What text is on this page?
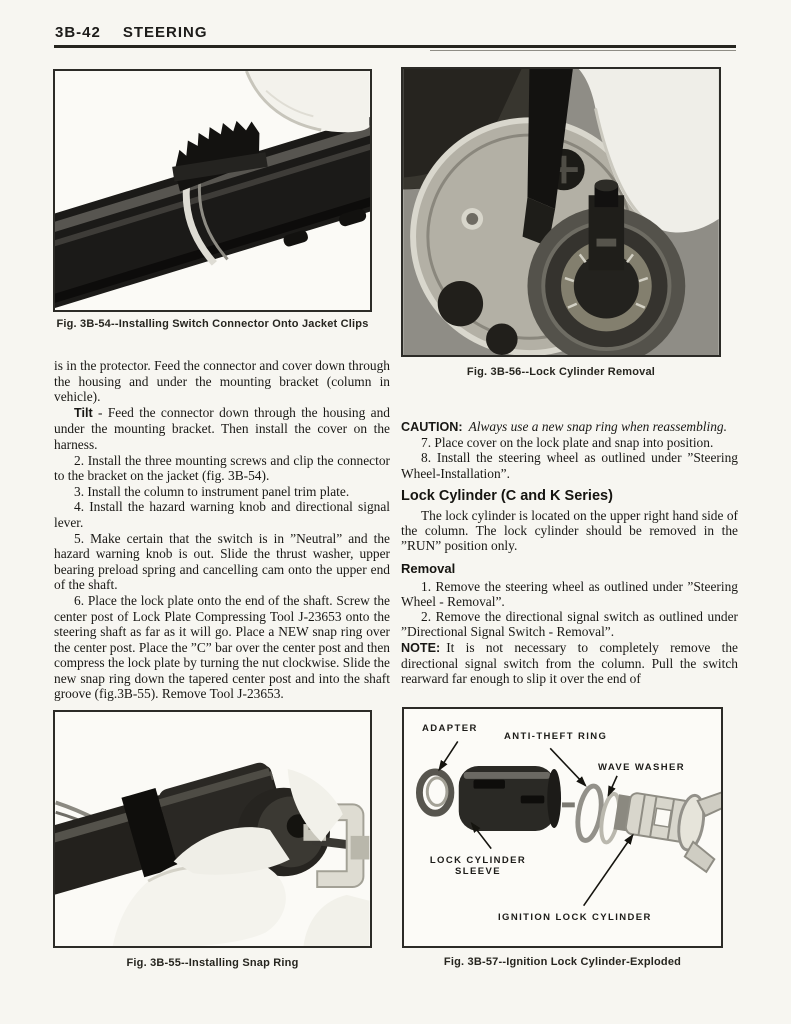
3B-42 STEERING
Fig. 3B-54--Installing Switch Connector Onto Jacket Clips
Fig. 3B-56--Lock Cylinder Removal

is in the protector. Feed the connector and cover down through the housing and under the mounting bracket (column in vehicle).

Tilt - Feed the connector down through the housing and under the mounting bracket. Then install the cover on the harness.

2. Install the three mounting screws and clip the connector to the bracket on the jacket (fig. 3B-54).

3. Install the column to instrument panel trim plate.

4. Install the hazard warning knob and directional signal lever.

5. Make certain that the switch is in ”Neutral” and the hazard warning knob is out. Slide the thrust washer, upper bearing preload spring and cancelling cam onto the upper end of the shaft.

6. Place the lock plate onto the end of the shaft. Screw the center post of Lock Plate Compressing Tool J-23653 onto the steering shaft as far as it will go. Place a NEW snap ring over the center post. Place the ”C” bar over the center post and then compress the lock plate by turning the nut clockwise. Slide the new snap ring down the tapered center post and into the shaft groove (fig.3B-55). Remove Tool J-23653.

CAUTION: Always use a new snap ring when reassembling.

7. Place cover on the lock plate and snap into position.

8. Install the steering wheel as outlined under ”Steering Wheel-Installation”.

Lock Cylinder (C and K Series)

The lock cylinder is located on the upper right hand side of the column. The lock cylinder should be removed in the ”RUN” position only.

Removal

1. Remove the steering wheel as outlined under ”Steering Wheel - Removal”.

2. Remove the directional signal switch as outlined under ”Directional Signal Switch - Removal”.

NOTE: It is not necessary to completely remove the directional signal switch from the column. Pull the switch rearward far enough to slip it over the end of

Fig. 3B-55--Installing Snap Ring
ADAPTER
ANTI-THEFT RING
WAVE WASHER
LOCK CYLINDER
SLEEVE
IGNITION LOCK CYLINDER
Fig. 3B-57--Ignition Lock Cylinder-Exploded
